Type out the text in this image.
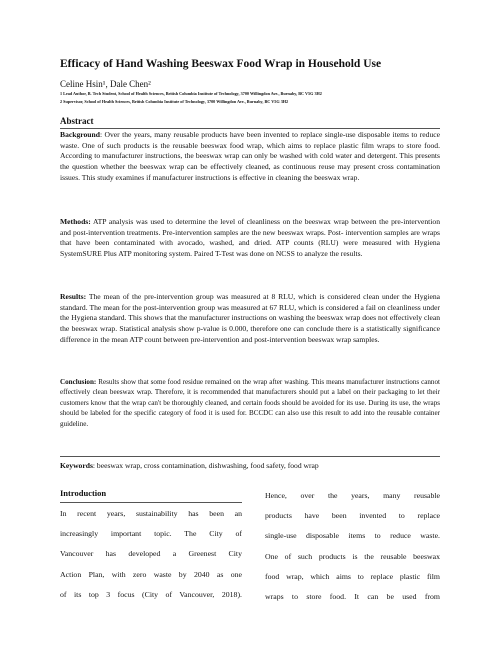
Efficacy of Hand Washing Beeswax Food Wrap in Household Use
Celine Hsin¹, Dale Chen²
1 Lead Author, B. Tech Student, School of Health Sciences, British Columbia Institute of Technology, 3700 Willingdon Ave., Burnaby, BC V5G 3H2
2 Supervisor, School of Health Sciences, British Columbia Institute of Technology, 3700 Willingdon Ave., Burnaby, BC V5G 3H2
Abstract
Background: Over the years, many reusable products have been invented to replace single-use disposable items to reduce waste. One of such products is the reusable beeswax food wrap, which aims to replace plastic film wraps to store food. According to manufacturer instructions, the beeswax wrap can only be washed with cold water and detergent. This presents the question whether the beeswax wrap can be effectively cleaned, as continuous reuse may present cross contamination issues. This study examines if manufacturer instructions is effective in cleaning the beeswax wrap.
Methods: ATP analysis was used to determine the level of cleanliness on the beeswax wrap between the pre-intervention and post-intervention treatments. Pre-intervention samples are the new beeswax wraps. Post- intervention samples are wraps that have been contaminated with avocado, washed, and dried. ATP counts (RLU) were measured with Hygiena SystemSURE Plus ATP monitoring system. Paired T-Test was done on NCSS to analyze the results.
Results: The mean of the pre-intervention group was measured at 8 RLU, which is considered clean under the Hygiena standard. The mean for the post-intervention group was measured at 67 RLU, which is considered a fail on cleanliness under the Hygiena standard. This shows that the manufacturer instructions on washing the beeswax wrap does not effectively clean the beeswax wrap. Statistical analysis show p-value is 0.000, therefore one can conclude there is a statistically significance difference in the mean ATP count between pre-intervention and post-intervention beeswax wrap samples.
Conclusion: Results show that some food residue remained on the wrap after washing. This means manufacturer instructions cannot effectively clean beeswax wrap. Therefore, it is recommended that manufacturers should put a label on their packaging to let their customers know that the wrap can't be thoroughly cleaned, and certain foods should be avoided for its use. During its use, the wraps should be labeled for the specific category of food it is used for. BCCDC can also use this result to add into the reusable container guideline.
Keywords: beeswax wrap, cross contamination, dishwashing, food safety, food wrap
Introduction
In recent years, sustainability has been an
increasingly important topic. The City of
Vancouver has developed a Greenest City
Action Plan, with zero waste by 2040 as one
of its top 3 focus (City of Vancouver, 2018).
Hence, over the years, many reusable
products have been invented to replace
single-use disposable items to reduce waste.
One of such products is the reusable beeswax
food wrap, which aims to replace plastic film
wraps to store food. It can be used from
